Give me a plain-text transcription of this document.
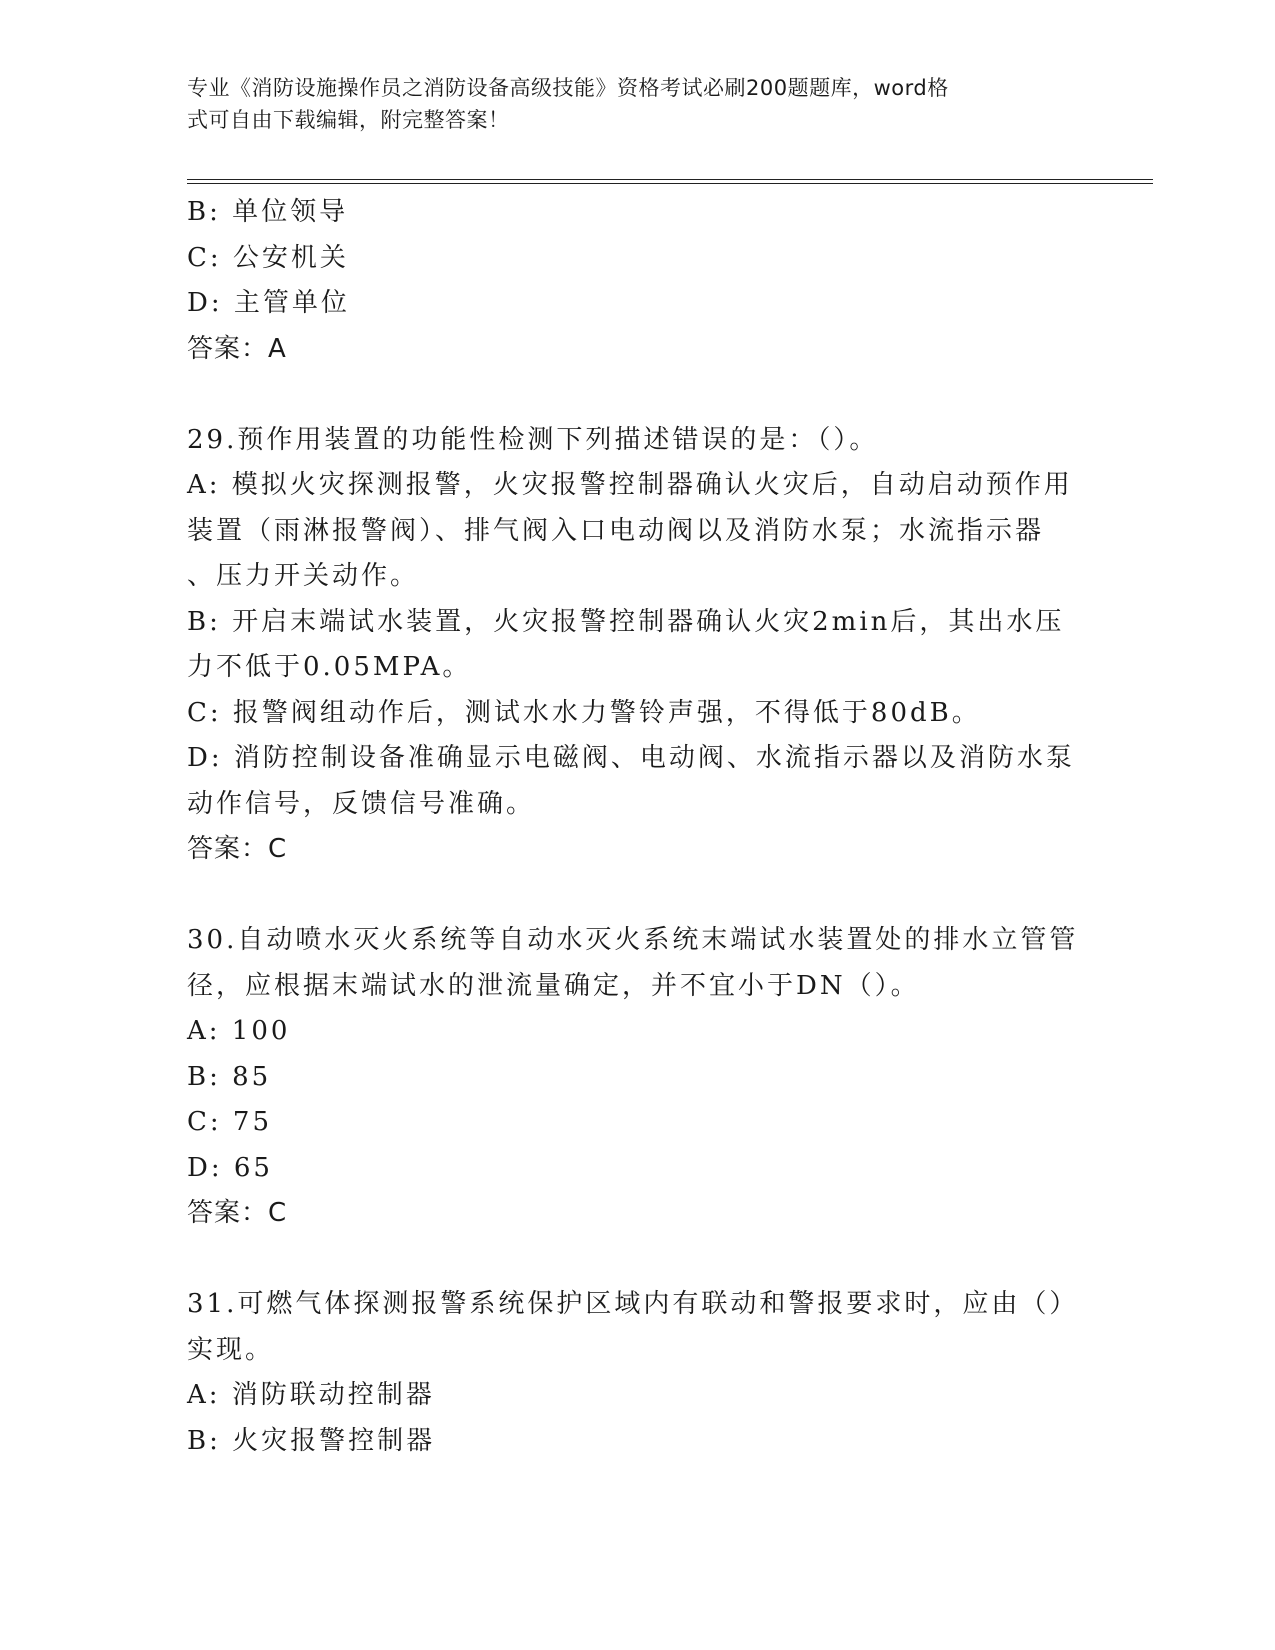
专业《消防设施操作员之消防设备高级技能》资格考试必刷200题题库，word格
式可自由下载编辑，附完整答案！
B: 单位领导
C: 公安机关
D: 主管单位
答案：A
29.预作用装置的功能性检测下列描述错误的是：（）。
A: 模拟火灾探测报警，火灾报警控制器确认火灾后，自动启动预作用
装置（雨淋报警阀）、排气阀入口电动阀以及消防水泵；水流指示器
、压力开关动作。
B: 开启末端试水装置，火灾报警控制器确认火灾2min后，其出水压
力不低于0.05MPA。
C: 报警阀组动作后，测试水水力警铃声强，不得低于80dB。
D: 消防控制设备准确显示电磁阀、电动阀、水流指示器以及消防水泵
动作信号，反馈信号准确。
答案：C
30.自动喷水灭火系统等自动水灭火系统末端试水装置处的排水立管管
径，应根据末端试水的泄流量确定，并不宜小于DN（）。
A: 100
B: 85
C: 75
D: 65
答案：C
31.可燃气体探测报警系统保护区域内有联动和警报要求时，应由（）
实现。
A: 消防联动控制器
B: 火灾报警控制器
